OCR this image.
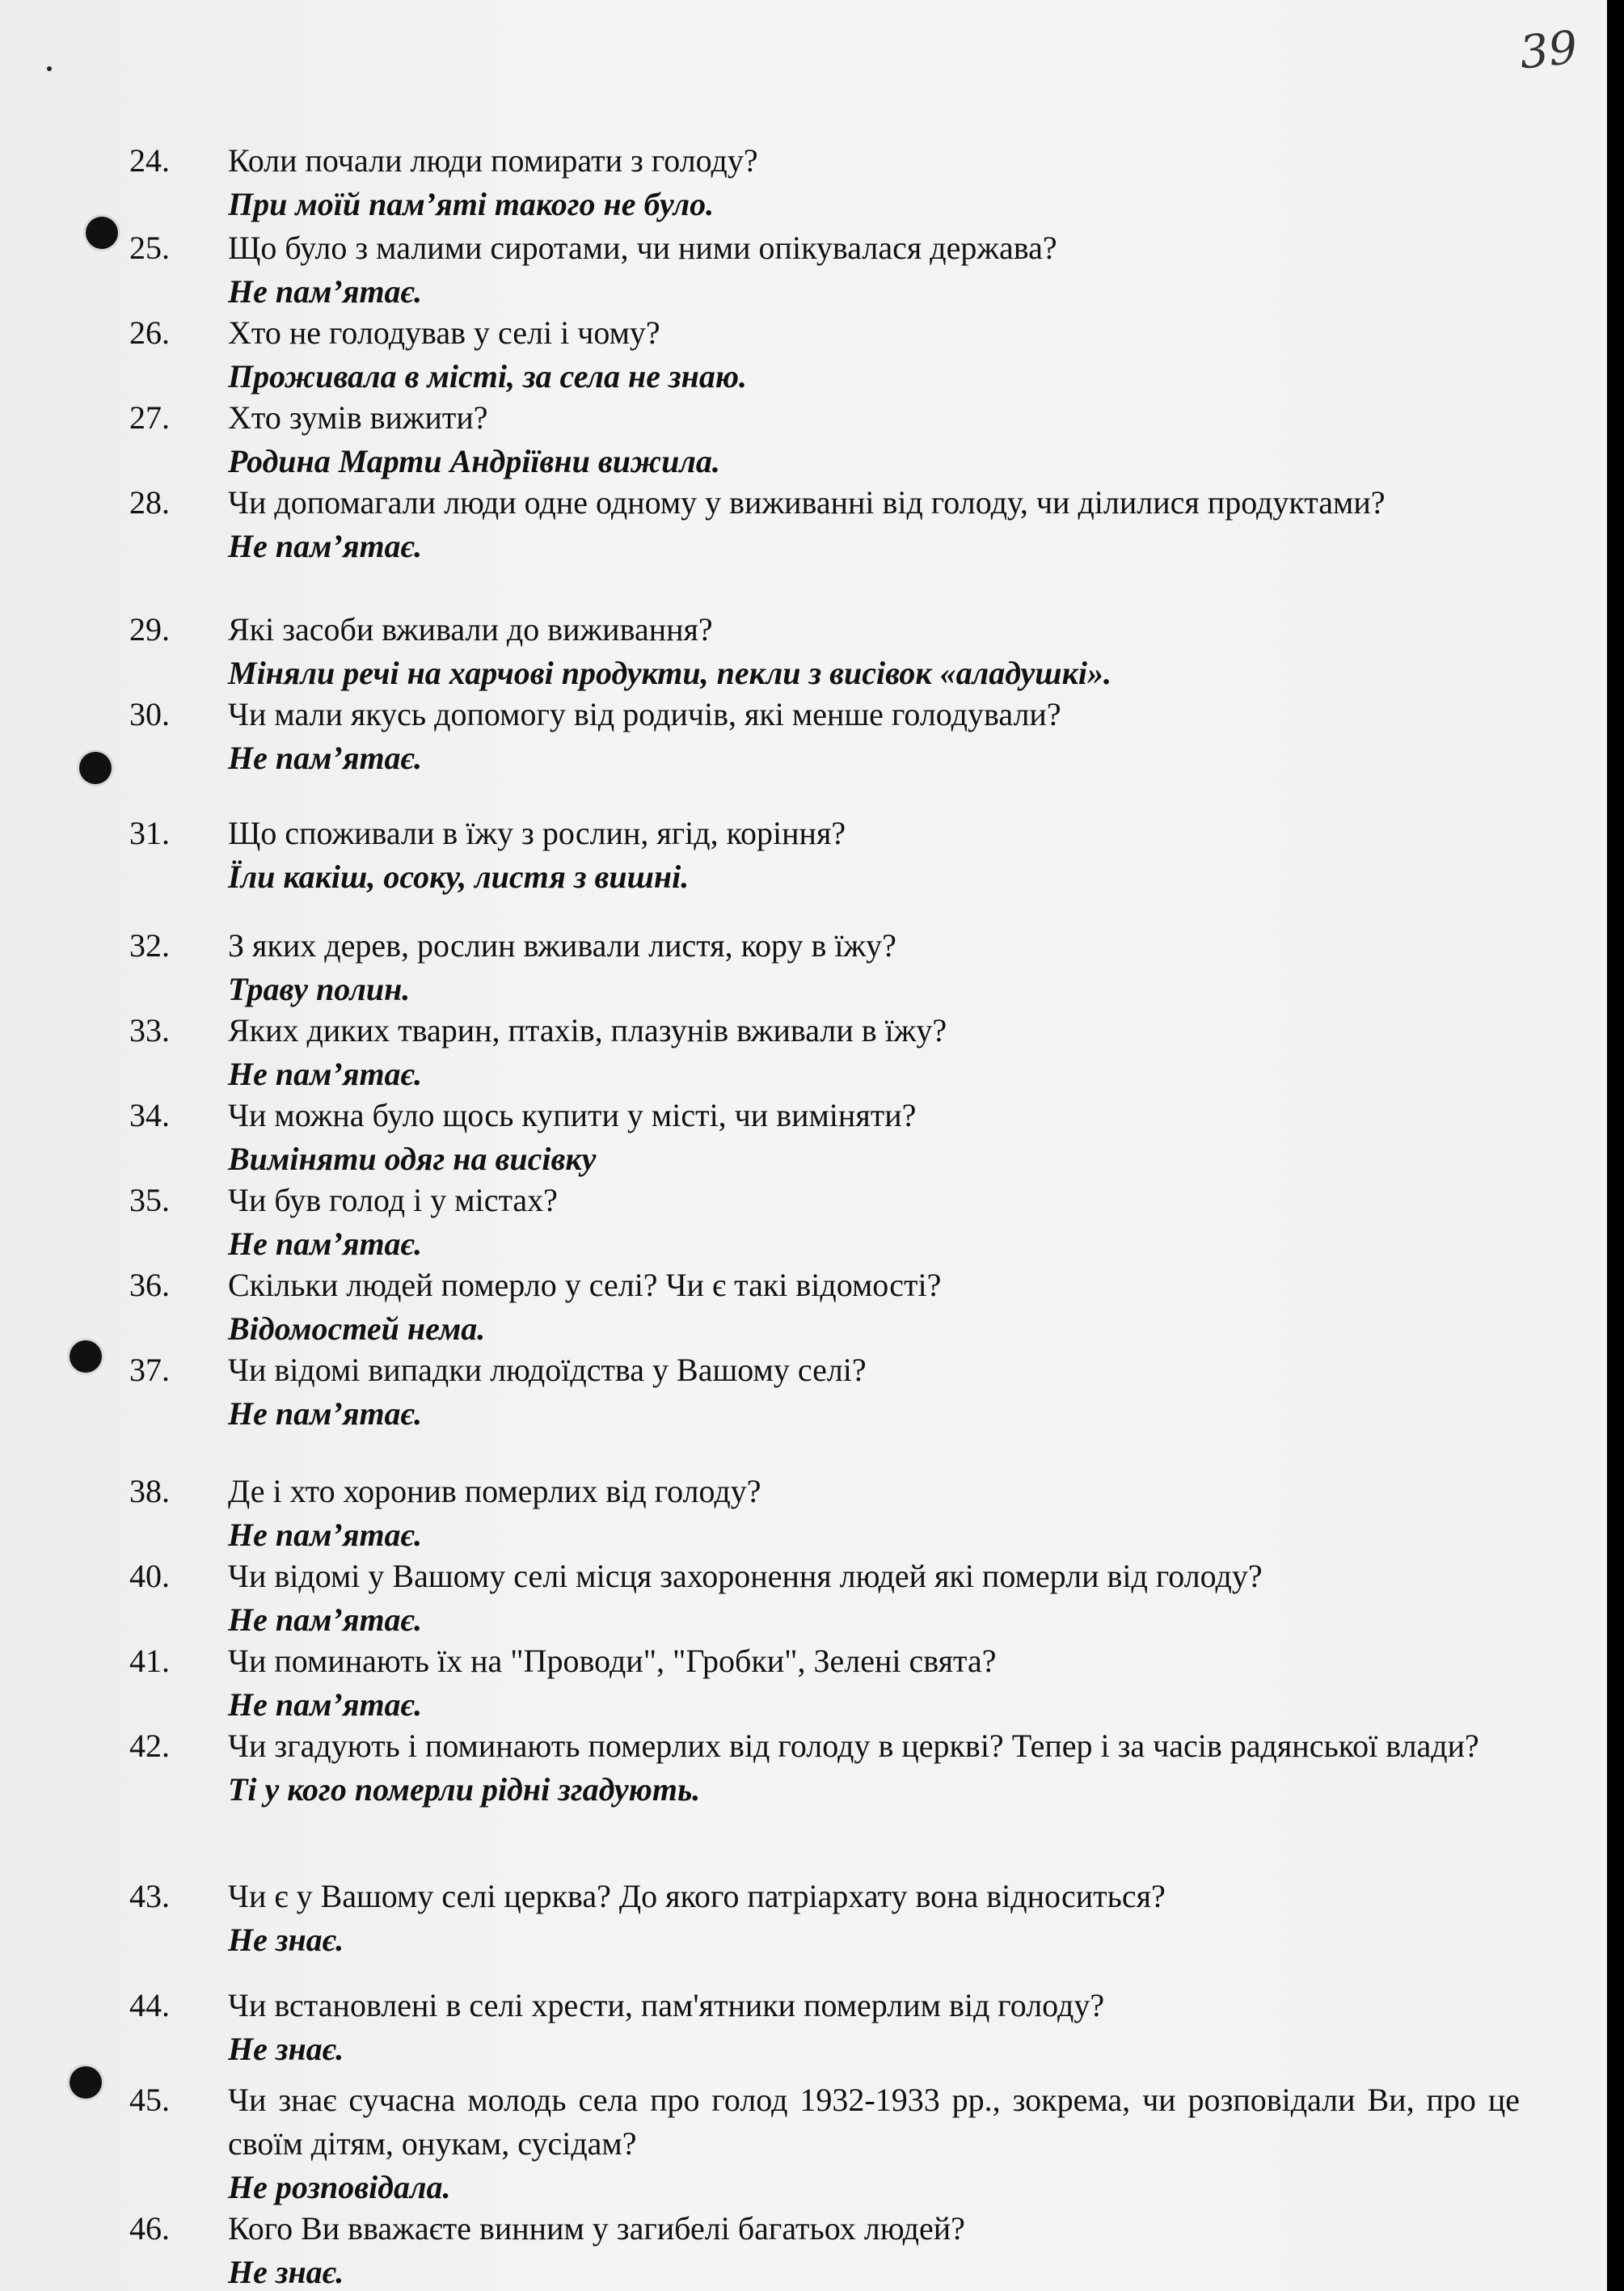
39
24.	Коли почали люди помирати з голоду?
При моїй пам’яті такого не було.
25.	Що було з малими сиротами, чи ними опікувалася держава?
Не пам’ятає.
26.	Хто не голодував у селі і чому?
Проживала в місті, за села не знаю.
27.	Хто зумів вижити?
Родина Марти Андріївни вижила.
28.	Чи допомагали люди одне одному у виживанні від голоду, чи ділилися продуктами?
Не пам’ятає.
29.	Які засоби вживали до виживання?
Міняли речі на харчові продукти, пекли з висівок «аладушкі».
30.	Чи мали якусь допомогу від родичів, які менше голодували?
Не пам’ятає.
31.	Що споживали в їжу з рослин, ягід, коріння?
Їли какіш, осоку, листя з вишні.
32.	З яких дерев, рослин вживали листя, кору в їжу?
Траву полин.
33.	Яких диких тварин, птахів, плазунів вживали в їжу?
Не пам’ятає.
34.	Чи можна було щось купити у місті, чи виміняти?
Виміняти одяг на висівку
35.	Чи був голод і у містах?
Не пам’ятає.
36.	Скільки людей померло у селі? Чи є такі відомості?
Відомостей нема.
37.	Чи відомі випадки людоїдства у Вашому селі?
Не пам’ятає.
38.	Де і хто хоронив померлих від голоду?
Не пам’ятає.
40.	Чи відомі у Вашому селі місця захоронення людей які померли від голоду?
Не пам’ятає.
41.	Чи поминають їх на "Проводи", "Гробки", Зелені свята?
Не пам’ятає.
42.	Чи згадують і поминають померлих від голоду в церкві? Тепер і за часів радянської влади?
Ті у кого померли рідні згадують.
43.	Чи є у Вашому селі церква? До якого патріархату вона відноситься?
Не знає.
44.	Чи встановлені в селі хрести, пам'ятники померлим від голоду?
Не знає.
45.	Чи знає сучасна молодь села про голод 1932-1933 рр., зокрема, чи розповідали Ви, про це своїм дітям, онукам, сусідам?
Не розповідала.
46.	Кого Ви вважаєте винним у загибелі багатьох людей?
Не знає.
